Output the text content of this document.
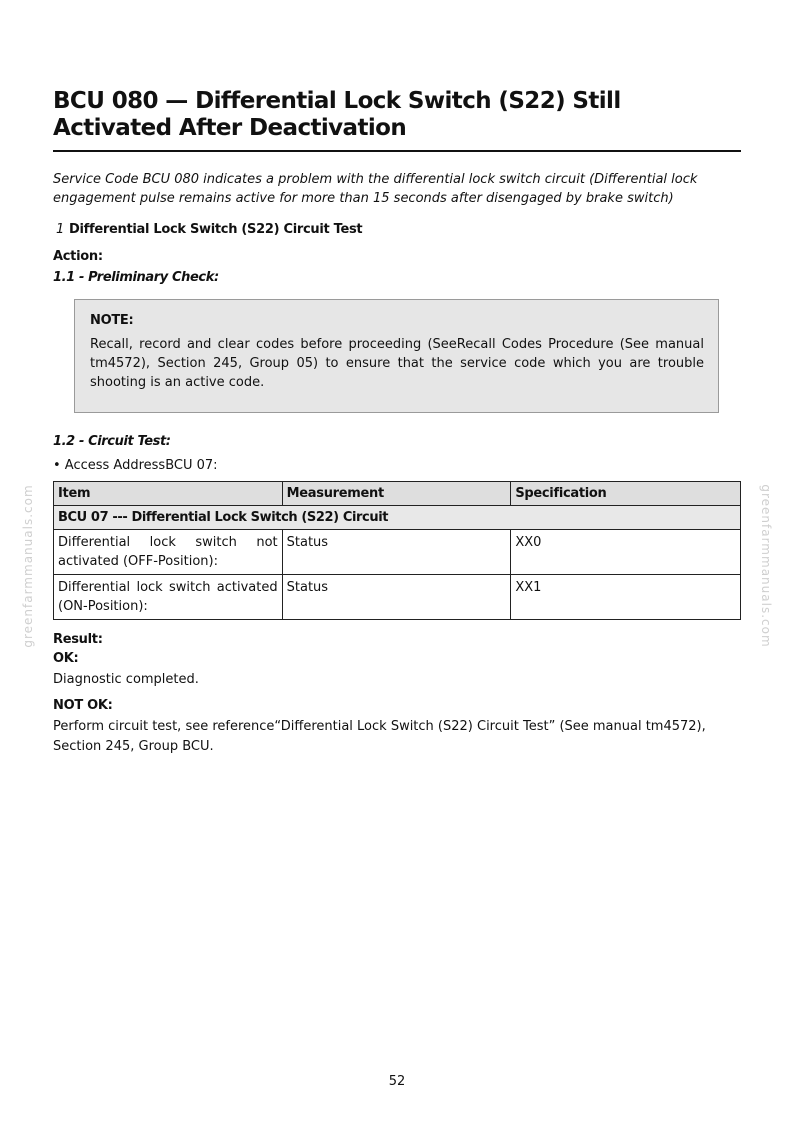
BCU 080 — Differential Lock Switch (S22) Still Activated After Deactivation
Service Code BCU 080 indicates a problem with the differential lock switch circuit (Differential lock engagement pulse remains active for more than 15 seconds after disengaged by brake switch)
1 Differential Lock Switch (S22) Circuit Test
Action:
1.1 - Preliminary Check:
NOTE:
Recall, record and clear codes before proceeding (SeeRecall Codes Procedure (See manual tm4572), Section 245, Group 05) to ensure that the service code which you are trouble shooting is an active code.
1.2 - Circuit Test:
• Access AddressBCU 07:
Item	Measurement	Specification
BCU 07 --- Differential Lock Switch (S22) Circuit		
Differential lock switch not activated (OFF-Position):	Status	XX0
Differential lock switch activated (ON-Position):	Status	XX1
Result:
OK:
Diagnostic completed.
NOT OK:
Perform circuit test, see reference“Differential Lock Switch (S22) Circuit Test” (See manual tm4572), Section 245, Group BCU.
greenfarmmanuals.com	greenfarmmanuals.com
52
